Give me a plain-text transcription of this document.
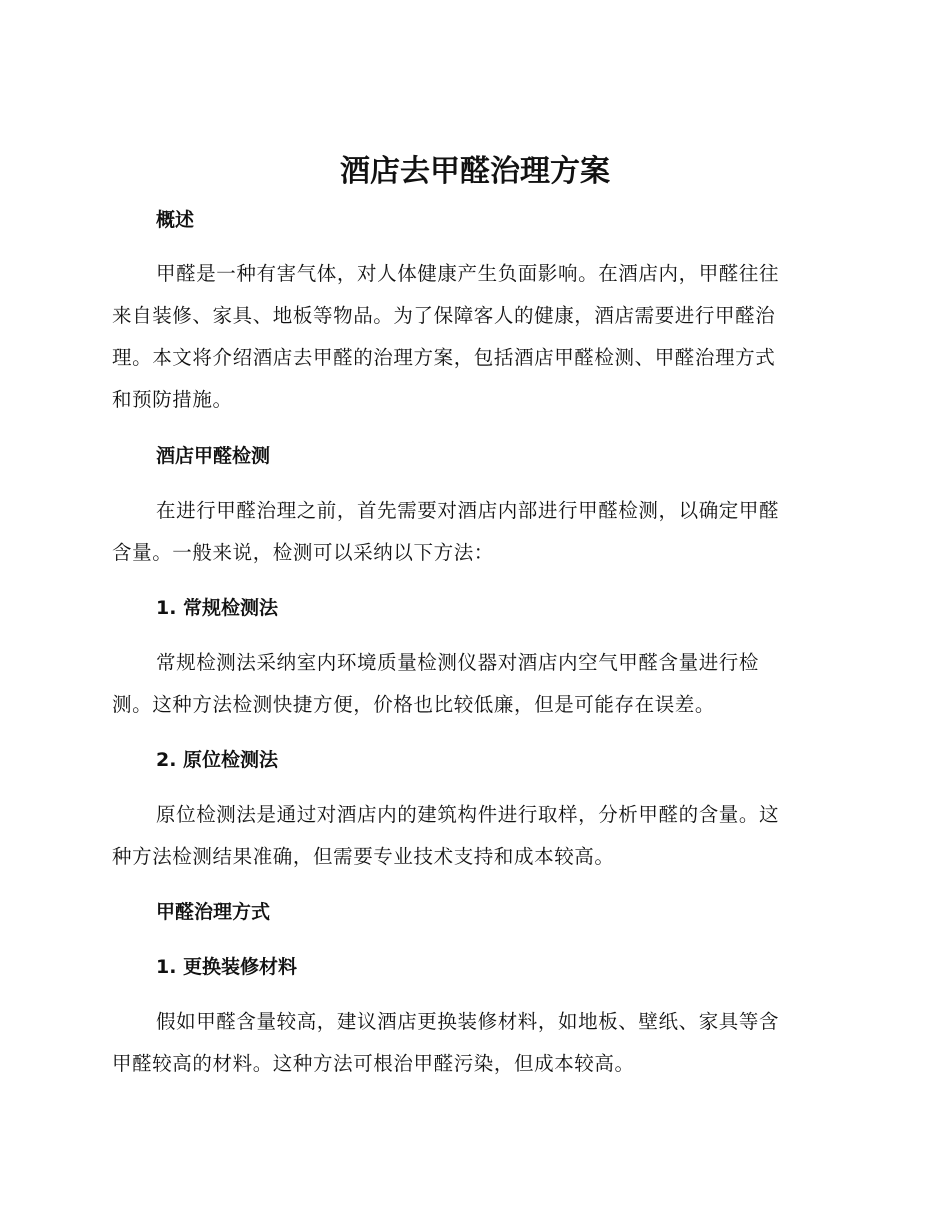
酒店去甲醛治理方案
概述

甲醛是一种有害气体，对人体健康产生负面影响。在酒店内，甲醛往往
来自装修、家具、地板等物品。为了保障客人的健康，酒店需要进行甲醛治
理。本文将介绍酒店去甲醛的治理方案，包括酒店甲醛检测、甲醛治理方式
和预防措施。

酒店甲醛检测

在进行甲醛治理之前，首先需要对酒店内部进行甲醛检测，以确定甲醛
含量。一般来说，检测可以采纳以下方法：

1. 常规检测法

常规检测法采纳室内环境质量检测仪器对酒店内空气甲醛含量进行检
测。这种方法检测快捷方便，价格也比较低廉，但是可能存在误差。

2. 原位检测法

原位检测法是通过对酒店内的建筑构件进行取样，分析甲醛的含量。这
种方法检测结果准确，但需要专业技术支持和成本较高。

甲醛治理方式
1. 更换装修材料

假如甲醛含量较高，建议酒店更换装修材料，如地板、壁纸、家具等含
甲醛较高的材料。这种方法可根治甲醛污染，但成本较高。
